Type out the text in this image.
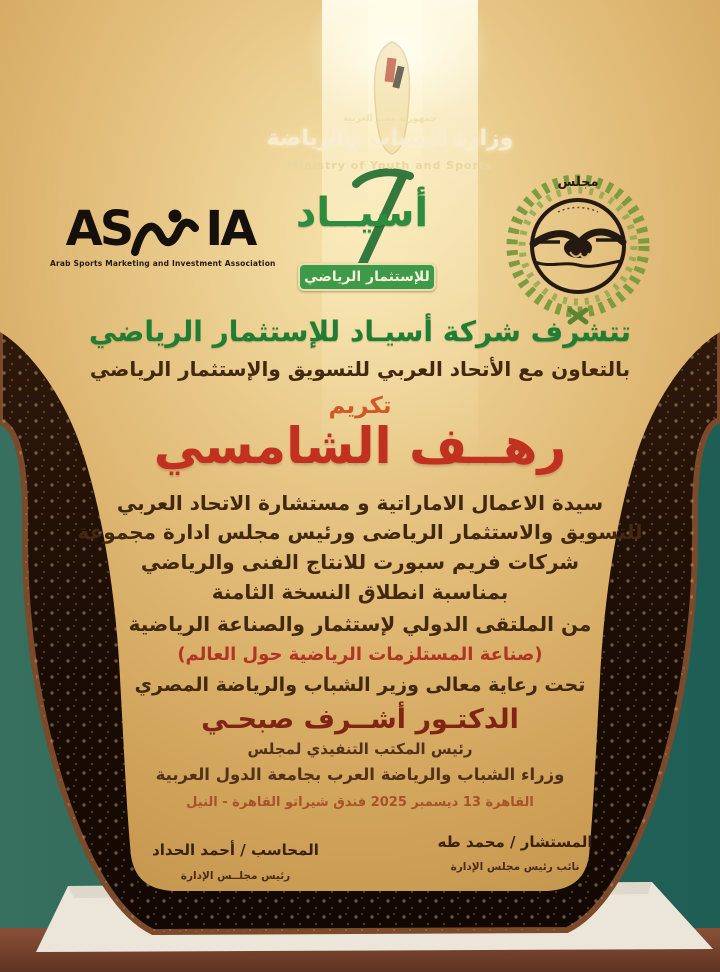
جمهورية مصر العربية
وزارة الشباب والرياضة
Ministry of Youth and Sports
AS IA
Arab Sports Marketing and Investment Association
أسيــاد
للإستثمار الرياضي
مجلس
تتشرف شركة أسيـاد للإستثمار الرياضي
بالتعاون مع الأتحاد العربي للتسويق والإستثمار الرياضي
تكريم
رهــف الشامسي
سيدة الاعمال الاماراتية و مستشارة الاتحاد العربي
للتسويق والاستثمار الرياضى ورئيس مجلس ادارة مجموعة
شركات فريم سبورت للانتاج الفنى والرياضي
بمناسبة انطلاق النسخة الثامنة
من الملتقى الدولي لإستثمار والصناعة الرياضية
(صناعة المستلزمات الرياضية حول العالم)
تحت رعاية معالى وزير الشباب والرياضة المصري
الدكتـور أشــرف صبحـي
رئيس المكتب التنفيذي لمجلس
وزراء الشباب والرياضة العرب بجامعة الدول العربية
القاهرة 13 ديسمبر 2025 فندق شيراتو القاهرة - النيل
المستشار / محمد طه
نائب رئيس مجلس الإدارة
المحاسب / أحمد الحداد
رئيس مجلــس الإدارة
